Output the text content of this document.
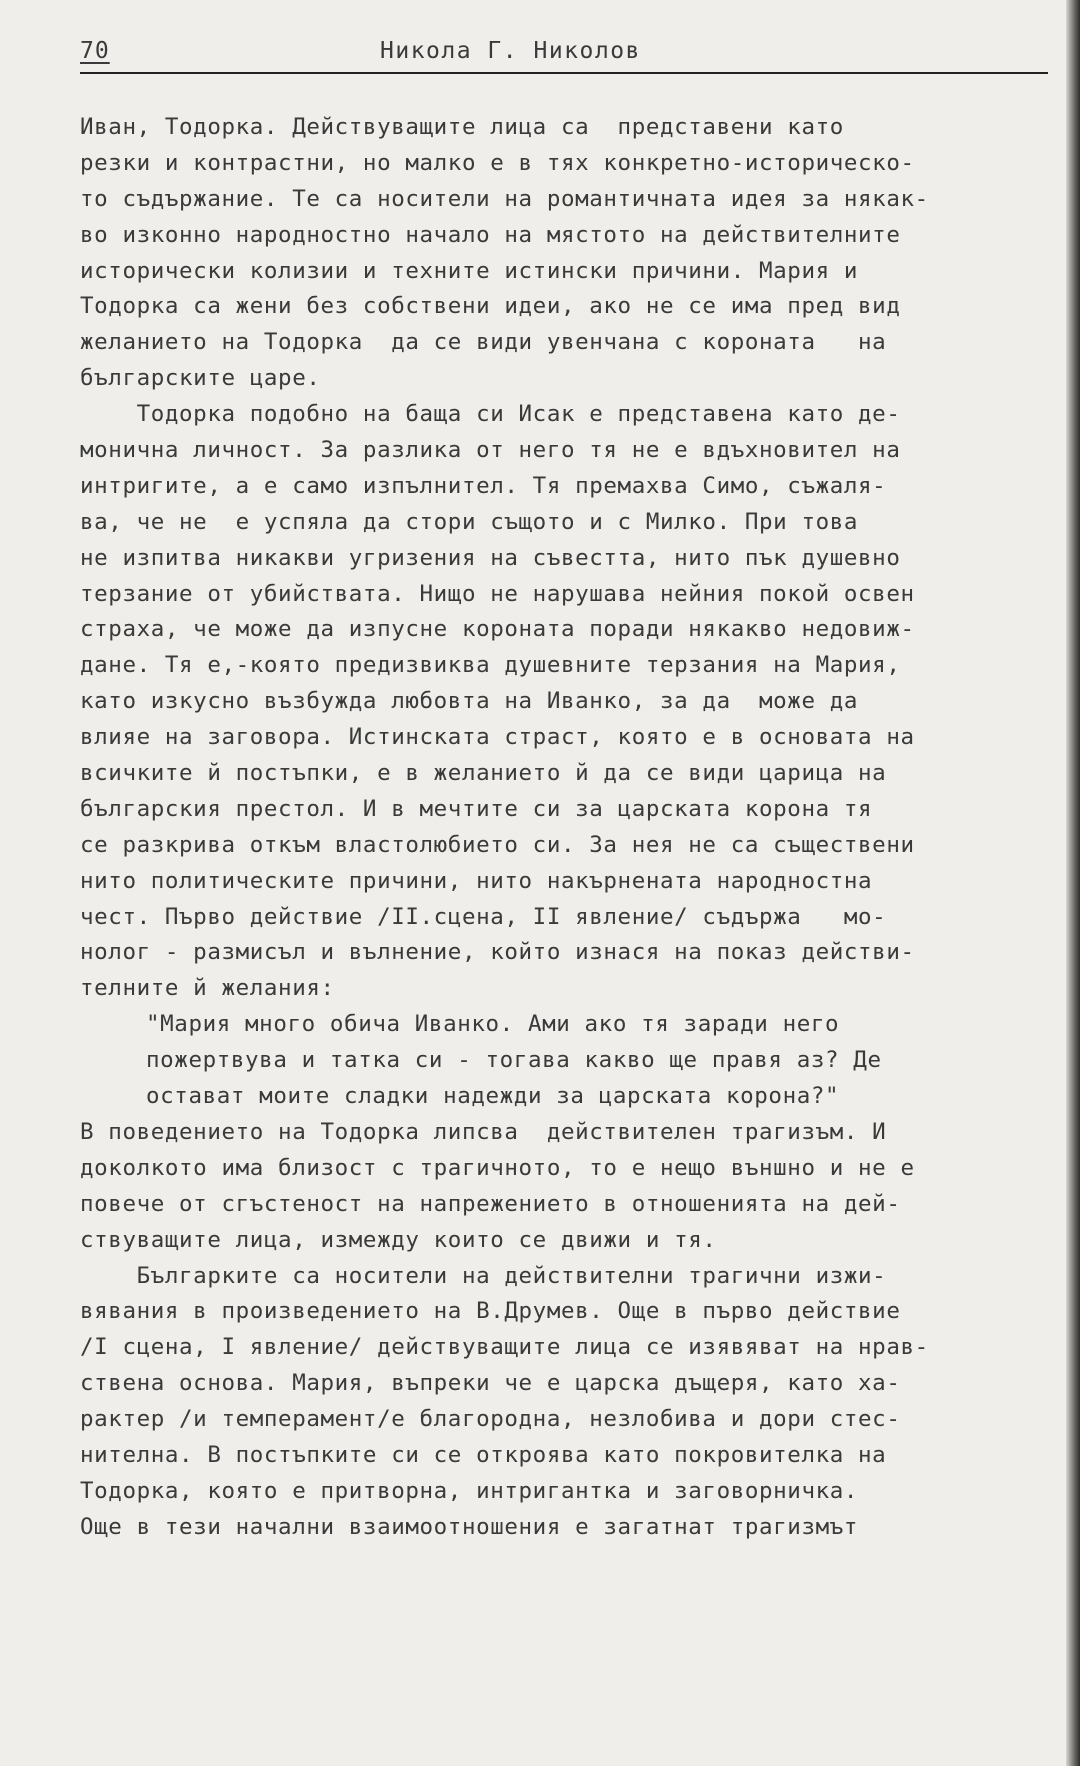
70	Никола Г. Николов
Иван, Тодорка. Действуващите лица са  представени като
резки и контрастни, но малко е в тях конкретно-историческо-
то съдържание. Те са носители на романтичната идея за някак-
во изконно народностно начало на мястото на действителните
исторически колизии и техните истински причини. Мария и
Тодорка са жени без собствени идеи, ако не се има пред вид
желанието на Тодорка  да се види увенчана с короната   на
българските царе.
Тодорка подобно на баща си Исак е представена като де-
монична личност. За разлика от него тя не е вдъхновител на
интригите, а е само изпълнител. Тя премахва Симо, съжаля-
ва, че не  е успяла да стори същото и с Милко. При това
не изпитва никакви угризения на съвестта, нито пък душевно
терзание от убийствата. Нищо не нарушава нейния покой освен
страха, че може да изпусне короната поради някакво недовиж-
дане. Тя е,-която предизвиква душевните терзания на Мария,
като изкусно възбужда любовта на Иванко, за да  може да
влияе на заговора. Истинската страст, която е в основата на
всичките й постъпки, е в желанието й да се види царица на
българския престол. И в мечтите си за царската корона тя
се разкрива откъм властолюбието си. За нея не са съществени
нито политическите причини, нито накърнената народностна
чест. Първо действие /II.сцена, II явление/ съдържа   мо-
нолог - размисъл и вълнение, който изнася на показ действи-
телните й желания:
"Мария много обича Иванко. Ами ако тя заради него
пожертвува и татка си - тогава какво ще правя аз? Де
остават моите сладки надежди за царската корона?"
В поведението на Тодорка липсва  действителен трагизъм. И
доколкото има близост с трагичното, то е нещо външно и не е
повече от сгъстеност на напрежението в отношенията на дей-
ствуващите лица, измежду които се движи и тя.
Българките са носители на действителни трагични изжи-
вявания в произведението на В.Друмев. Още в първо действие
/I сцена, I явление/ действуващите лица се изявяват на нрав-
ствена основа. Мария, въпреки че е царска дъщеря, като ха-
рактер /и темперамент/е благородна, незлобива и дори стес-
нителна. В постъпките си се откроява като покровителка на
Тодорка, която е притворна, интригантка и заговорничка.
Още в тези начални взаимоотношения е загатнат трагизмът
